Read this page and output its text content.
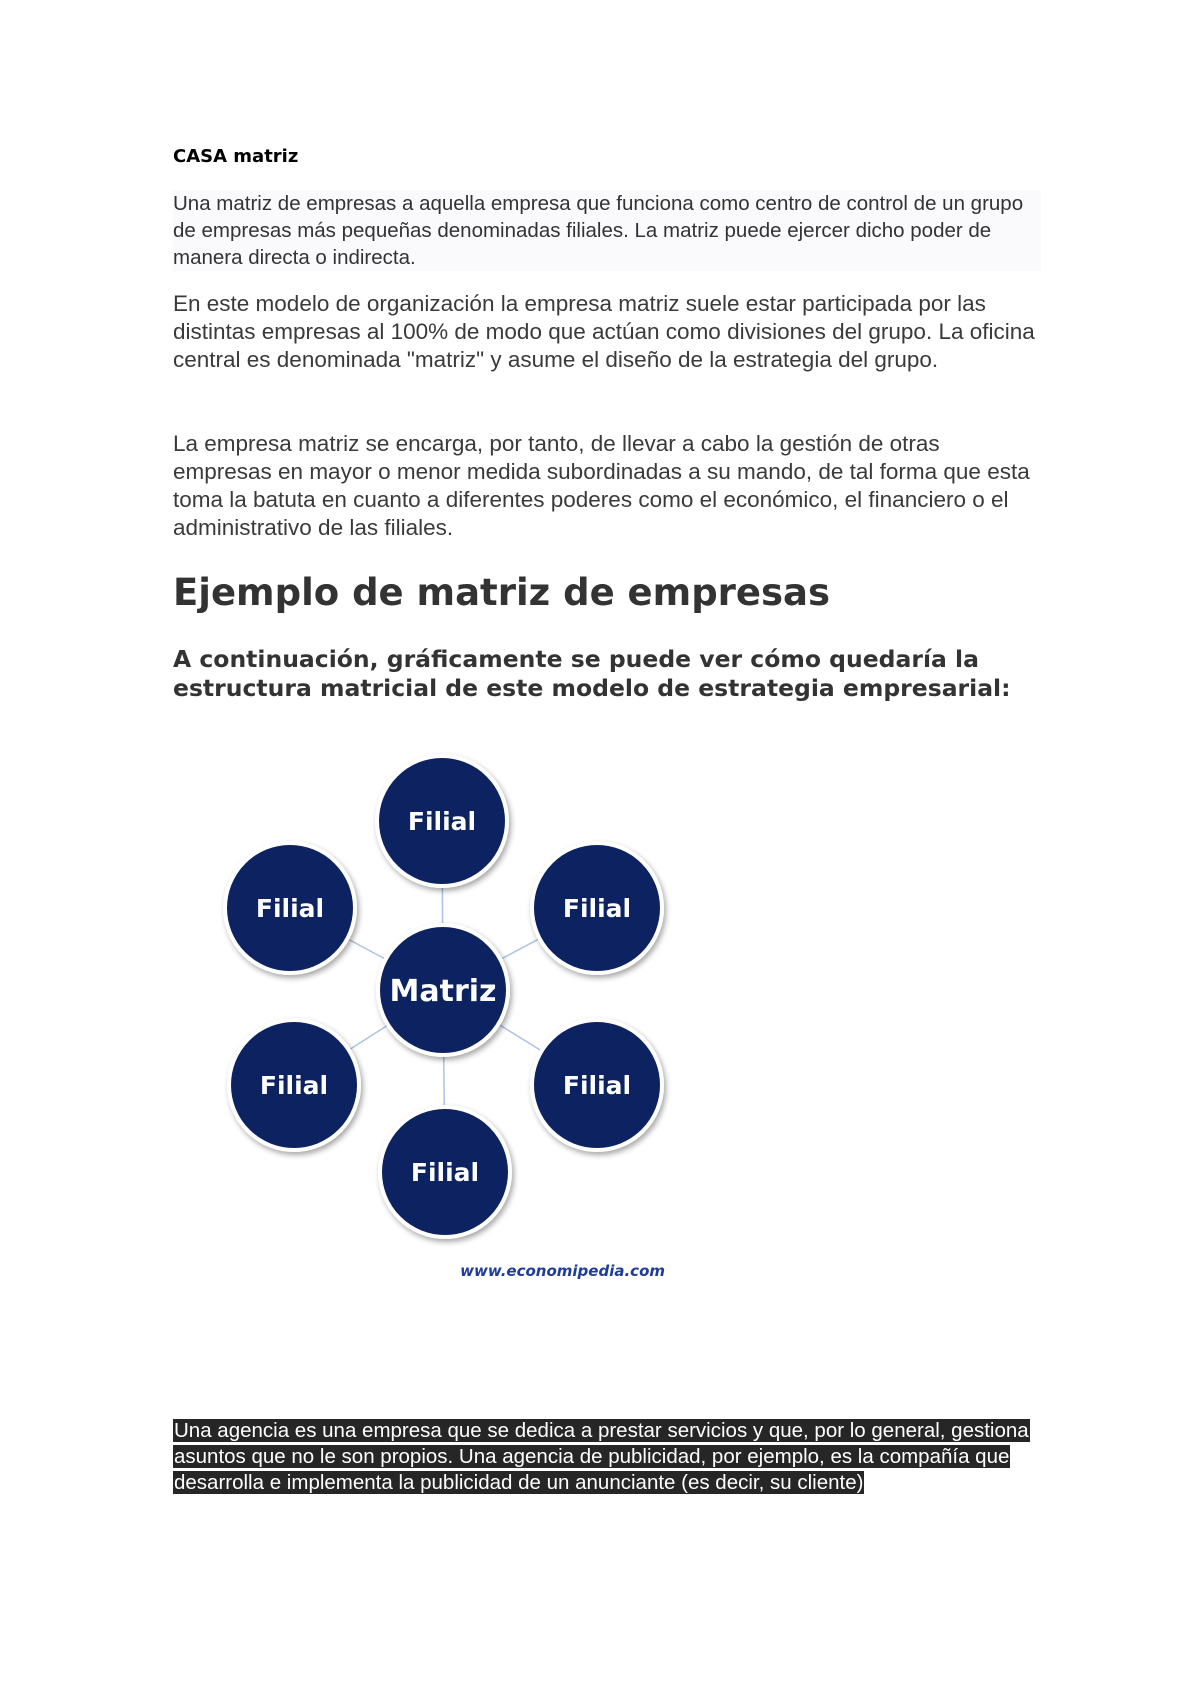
CASA matriz

Una matriz de empresas a aquella empresa que funciona como centro de control de un grupo de empresas más pequeñas denominadas filiales. La matriz puede ejercer dicho poder de manera directa o indirecta.

En este modelo de organización la empresa matriz suele estar participada por las distintas empresas al 100% de modo que actúan como divisiones del grupo. La oficina central es denominada "matriz" y asume el diseño de la estrategia del grupo.

La empresa matriz se encarga, por tanto, de llevar a cabo la gestión de otras empresas en mayor o menor medida subordinadas a su mando, de tal forma que esta toma la batuta en cuanto a diferentes poderes como el económico, el financiero o el administrativo de las filiales.

Ejemplo de matriz de empresas
A continuación, gráficamente se puede ver cómo quedaría la estructura matricial de este modelo de estrategia empresarial:
Filial
Filial
Filial
Filial
Filial
Filial
Matriz
www.economipedia.com

Una agencia es una empresa que se dedica a prestar servicios y que, por lo general, gestiona asuntos que no le son propios. Una agencia de publicidad, por ejemplo, es la compañía que desarrolla e implementa la publicidad de un anunciante (es decir, su cliente)
